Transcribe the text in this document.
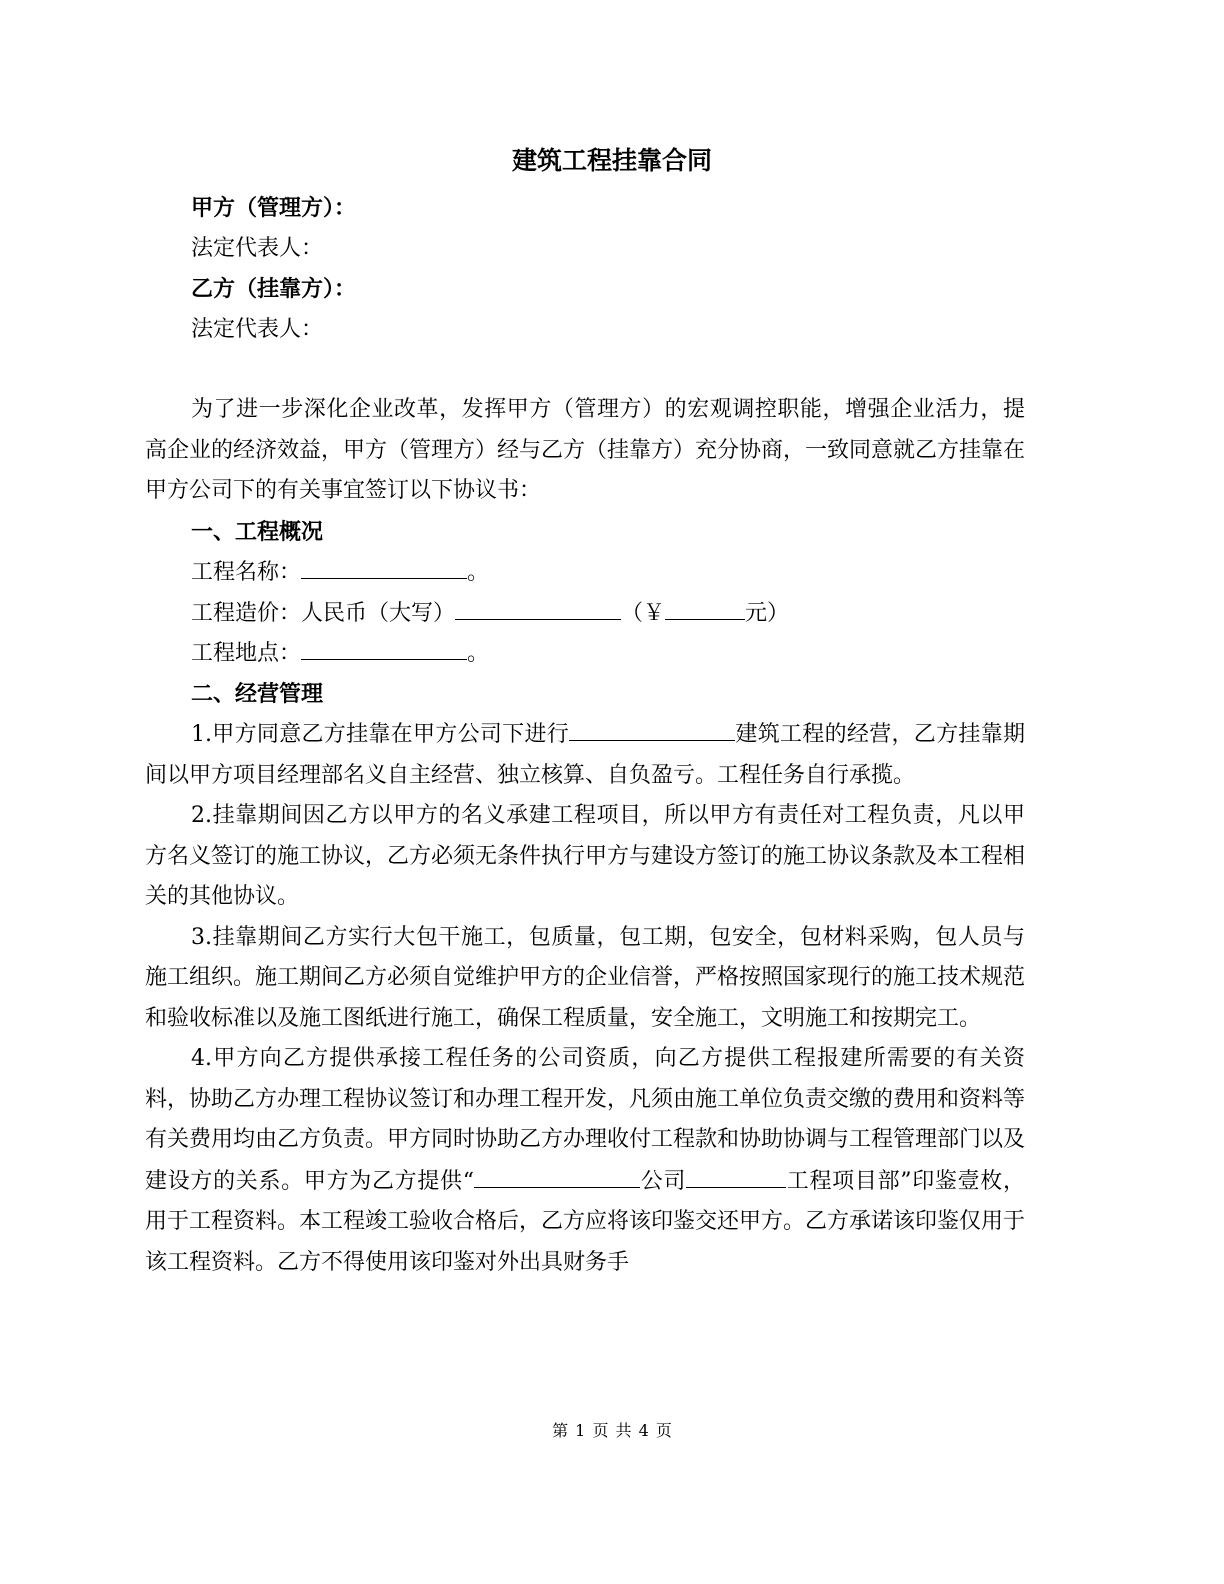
建筑工程挂靠合同
甲方（管理方）：
法定代表人：
乙方（挂靠方）：
法定代表人：

为了进一步深化企业改革，发挥甲方（管理方）的宏观调控职能，增强企业活力，提高企业的经济效益，甲方（管理方）经与乙方（挂靠方）充分协商，一致同意就乙方挂靠在甲方公司下的有关事宜签订以下协议书：

一、工程概况
工程名称：	。
工程造价：人民币（大写）	（￥	元）
工程地点：	。
二、经营管理

1.甲方同意乙方挂靠在甲方公司下进行	建筑工程的经营，乙方挂靠期间以甲方项目经理部名义自主经营、独立核算、自负盈亏。工程任务自行承揽。

2.挂靠期间因乙方以甲方的名义承建工程项目，所以甲方有责任对工程负责，凡以甲方名义签订的施工协议，乙方必须无条件执行甲方与建设方签订的施工协议条款及本工程相关的其他协议。

3.挂靠期间乙方实行大包干施工，包质量，包工期，包安全，包材料采购，包人员与施工组织。施工期间乙方必须自觉维护甲方的企业信誉，严格按照国家现行的施工技术规范和验收标准以及施工图纸进行施工，确保工程质量，安全施工，文明施工和按期完工。

4.甲方向乙方提供承接工程任务的公司资质，向乙方提供工程报建所需要的有关资料，协助乙方办理工程协议签订和办理工程开发，凡须由施工单位负责交缴的费用和资料等有关费用均由乙方负责。甲方同时协助乙方办理收付工程款和协助协调与工程管理部门以及建设方的关系。甲方为乙方提供“	公司	工程项目部”印鉴壹枚，用于工程资料。本工程竣工验收合格后，乙方应将该印鉴交还甲方。乙方承诺该印鉴仅用于该工程资料。乙方不得使用该印鉴对外出具财务手

第 1 页 共 4 页
